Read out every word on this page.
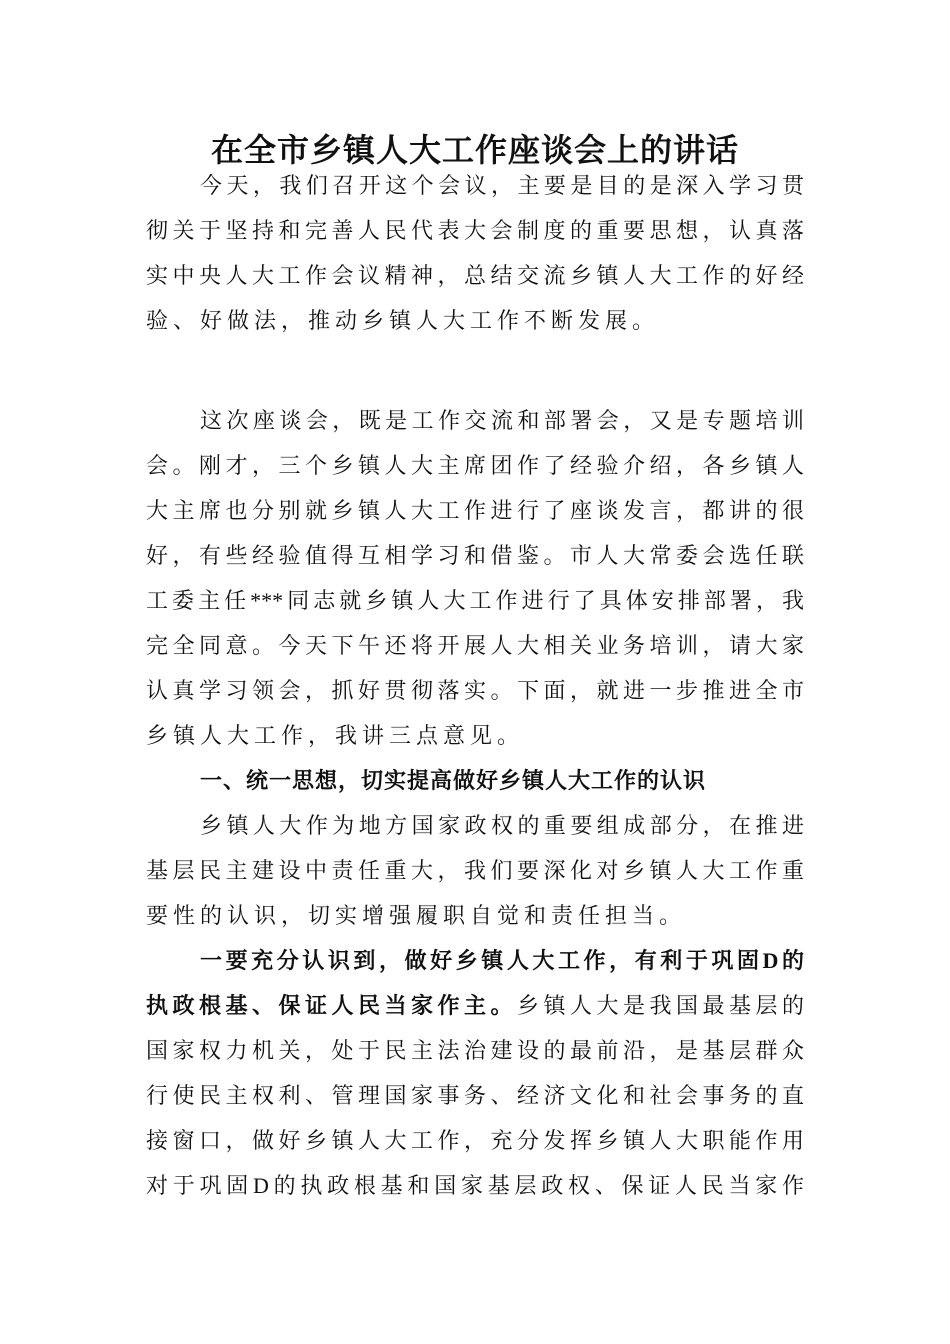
在全市乡镇人大工作座谈会上的讲话
今天，我们召开这个会议，主要是目的是深入学习贯
彻关于坚持和完善人民代表大会制度的重要思想，认真落
实中央人大工作会议精神，总结交流乡镇人大工作的好经
验、好做法，推动乡镇人大工作不断发展。
这次座谈会，既是工作交流和部署会，又是专题培训
会。刚才，三个乡镇人大主席团作了经验介绍，各乡镇人
大主席也分别就乡镇人大工作进行了座谈发言，都讲的很
好，有些经验值得互相学习和借鉴。市人大常委会选任联
工委主任***同志就乡镇人大工作进行了具体安排部署，我
完全同意。今天下午还将开展人大相关业务培训，请大家
认真学习领会，抓好贯彻落实。下面，就进一步推进全市
乡镇人大工作，我讲三点意见。
一、统一思想，切实提高做好乡镇人大工作的认识
乡镇人大作为地方国家政权的重要组成部分，在推进
基层民主建设中责任重大，我们要深化对乡镇人大工作重
要性的认识，切实增强履职自觉和责任担当。
一要充分认识到，做好乡镇人大工作，有利于巩固D的
执政根基、保证人民当家作主。乡镇人大是我国最基层的
国家权力机关，处于民主法治建设的最前沿，是基层群众
行使民主权利、管理国家事务、经济文化和社会事务的直
接窗口，做好乡镇人大工作，充分发挥乡镇人大职能作用
对于巩固D的执政根基和国家基层政权、保证人民当家作
